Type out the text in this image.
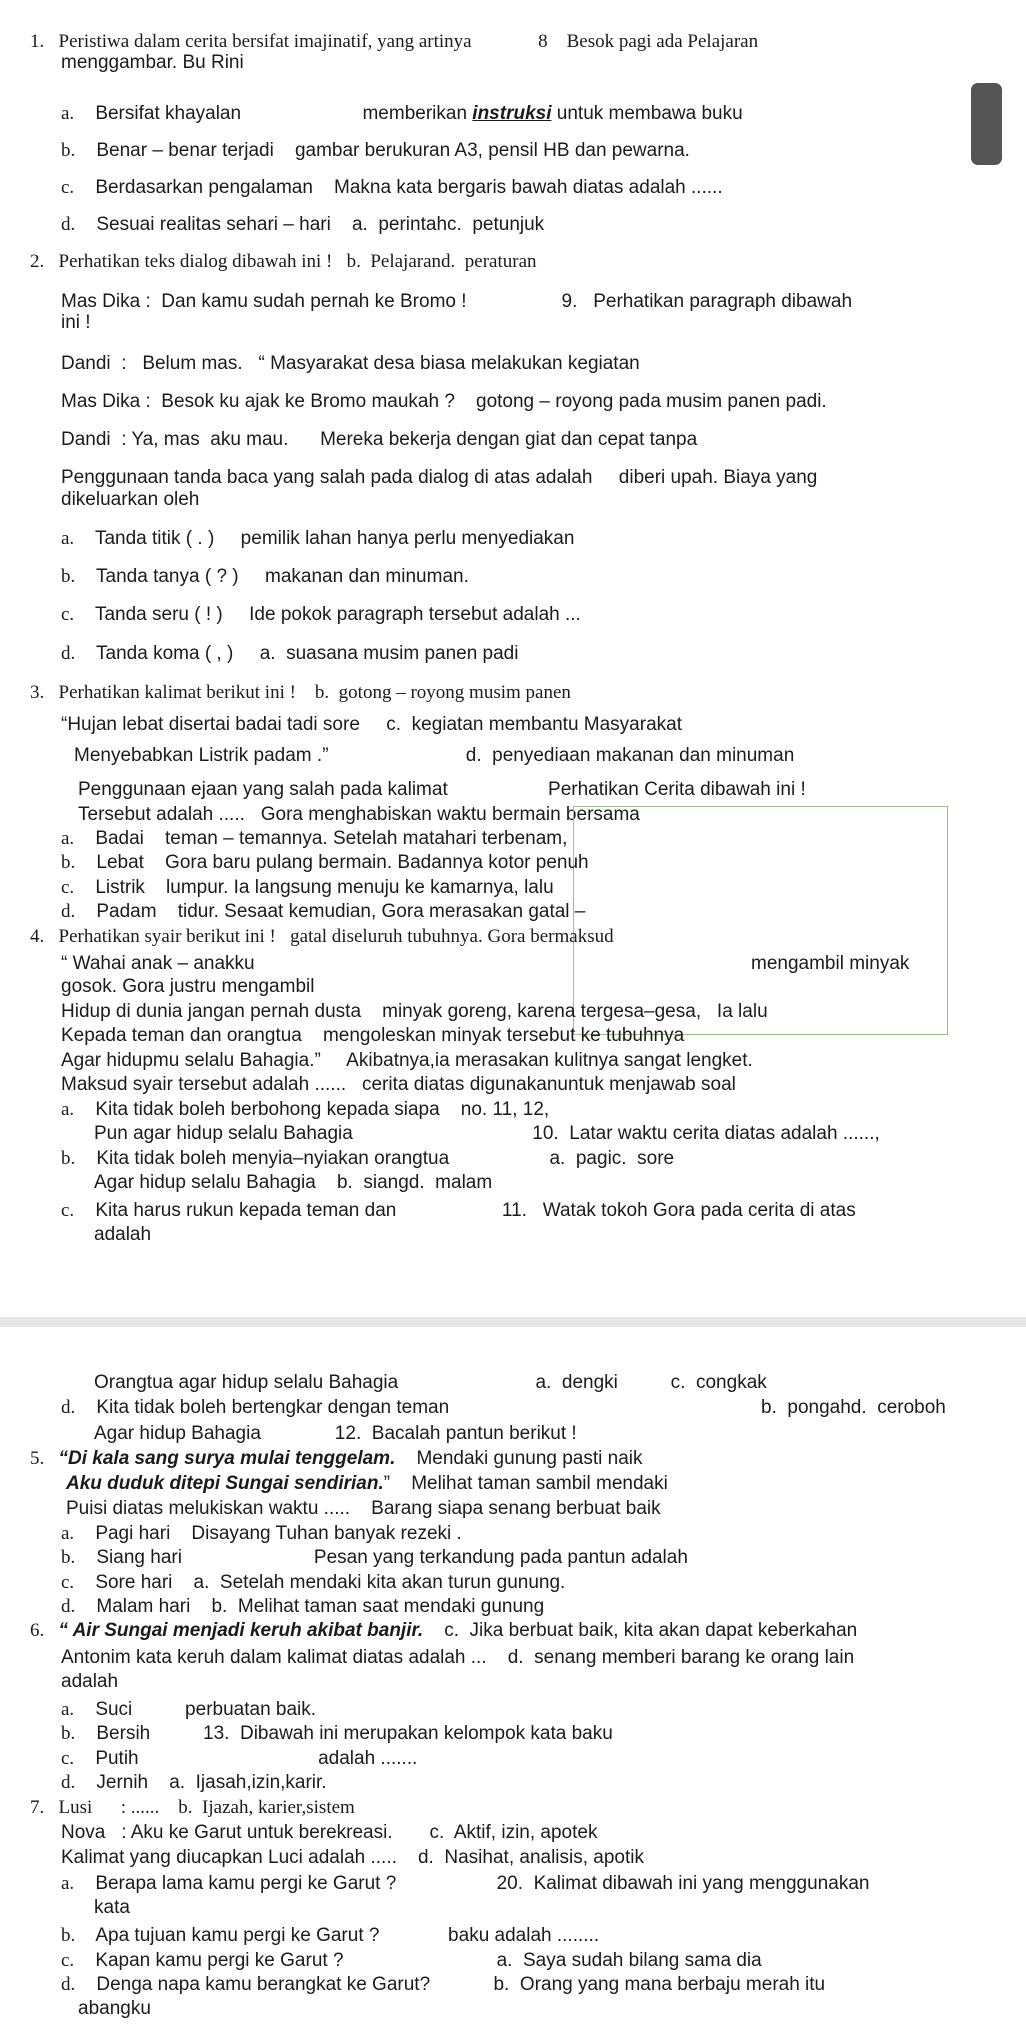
1.   Peristiwa dalam cerita bersifat imajinatif, yang artinya              8    Besok pagi ada Pelajaran
menggambar. Bu Rini
a. Bersifat khayalan                       memberikan instruksi untuk membawa buku
b. Benar – benar terjadi    gambar berukuran A3, pensil HB dan pewarna.
c. Berdasarkan pengalaman    Makna kata bergaris bawah diatas adalah ......
d. Sesuai realitas sehari – hari    a.  perintahc.  petunjuk
2.   Perhatikan teks dialog dibawah ini !   b.  Pelajarand.  peraturan
Mas Dika :  Dan kamu sudah pernah ke Bromo !                  9.   Perhatikan paragraph dibawah
ini !
Dandi  :   Belum mas.   “ Masyarakat desa biasa melakukan kegiatan
Mas Dika :  Besok ku ajak ke Bromo maukah ?    gotong – royong pada musim panen padi.
Dandi  : Ya, mas  aku mau.      Mereka bekerja dengan giat dan cepat tanpa
Penggunaan tanda baca yang salah pada dialog di atas adalah     diberi upah. Biaya yang
dikeluarkan oleh
a. Tanda titik ( . )     pemilik lahan hanya perlu menyediakan
b. Tanda tanya ( ? )     makanan dan minuman.
c. Tanda seru ( ! )     Ide pokok paragraph tersebut adalah ...
d. Tanda koma ( , )     a.  suasana musim panen padi
3.   Perhatikan kalimat berikut ini !    b.  gotong – royong musim panen
“Hujan lebat disertai badai tadi sore     c.  kegiatan membantu Masyarakat
Menyebabkan Listrik padam .”                          d.  penyediaan makanan dan minuman
Penggunaan ejaan yang salah pada kalimat                   Perhatikan Cerita dibawah ini !
Tersebut adalah .....   Gora menghabiskan waktu bermain bersama
a. Badai    teman – temannya. Setelah matahari terbenam,
b. Lebat    Gora baru pulang bermain. Badannya kotor penuh
c. Listrik    lumpur. Ia langsung menuju ke kamarnya, lalu
d. Padam    tidur. Sesaat kemudian, Gora merasakan gatal –
4.   Perhatikan syair berikut ini !   gatal diseluruh tubuhnya. Gora bermaksud
“ Wahai anak – anakku	mengambil minyak
gosok. Gora justru mengambil
Hidup di dunia jangan pernah dusta    minyak goreng, karena tergesa–gesa,   Ia lalu
Kepada teman dan orangtua    mengoleskan minyak tersebut ke tubuhnya
Agar hidupmu selalu Bahagia.”     Akibatnya,ia merasakan kulitnya sangat lengket.
Maksud syair tersebut adalah ......   cerita diatas digunakanuntuk menjawab soal
a. Kita tidak boleh berbohong kepada siapa    no. 11, 12,
Pun agar hidup selalu Bahagia                                  10.  Latar waktu cerita diatas adalah ......,
b. Kita tidak boleh menyia–nyiakan orangtua                   a.  pagic.  sore
Agar hidup selalu Bahagia    b.  siangd.  malam
c. Kita harus rukun kepada teman dan                    11.   Watak tokoh Gora pada cerita di atas
adalah
Orangtua agar hidup selalu Bahagia                          a.  dengki          c.  congkak
d. Kita tidak boleh bertengkar dengan teman	b.  pongahd.  ceroboh
Agar hidup Bahagia              12.  Bacalah pantun berikut !
5.   “Di kala sang surya mulai tenggelam.    Mendaki gunung pasti naik
Aku duduk ditepi Sungai sendirian.”    Melihat taman sambil mendaki
Puisi diatas melukiskan waktu .....    Barang siapa senang berbuat baik
a. Pagi hari    Disayang Tuhan banyak rezeki .
b. Siang hari                         Pesan yang terkandung pada pantun adalah
c. Sore hari    a.  Setelah mendaki kita akan turun gunung.
d. Malam hari    b.  Melihat taman saat mendaki gunung
6.   “ Air Sungai menjadi keruh akibat banjir.    c.  Jika berbuat baik, kita akan dapat keberkahan
Antonim kata keruh dalam kalimat diatas adalah ...    d.  senang memberi barang ke orang lain
adalah
a. Suci          perbuatan baik.
b. Bersih          13.  Dibawah ini merupakan kelompok kata baku
c. Putih                                  adalah .......
d. Jernih    a.  Ijasah,izin,karir.
7.   Lusi      : ......    b.  Ijazah, karier,sistem
Nova   : Aku ke Garut untuk berekreasi.       c.  Aktif, izin, apotek
Kalimat yang diucapkan Luci adalah .....    d.  Nasihat, analisis, apotik
a. Berapa lama kamu pergi ke Garut ?                   20.  Kalimat dibawah ini yang menggunakan
kata
b. Apa tujuan kamu pergi ke Garut ?             baku adalah ........
c. Kapan kamu pergi ke Garut ?                             a.  Saya sudah bilang sama dia
d. Denga napa kamu berangkat ke Garut?            b.  Orang yang mana berbaju merah itu
abangku
